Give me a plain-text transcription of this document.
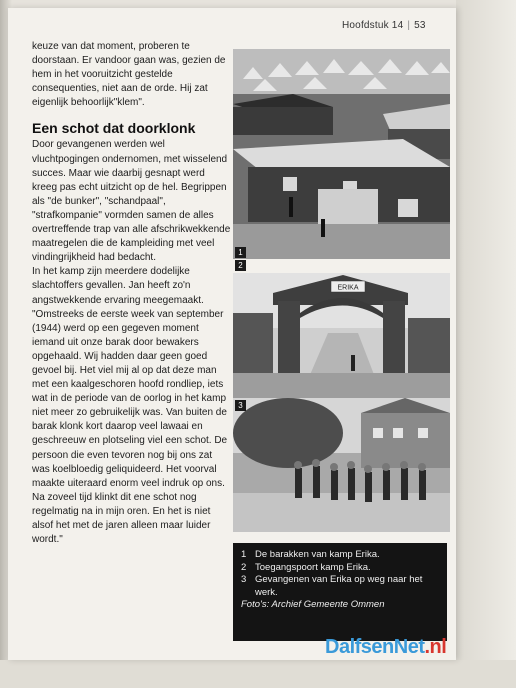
Hoofdstuk 14 | 53

keuze van dat moment, proberen te doorstaan. Er vandoor gaan was, gezien de hem in het vooruitzicht gestelde consequenties, niet aan de orde. Hij zat eigenlijk behoorlijk"klem".

Een schot dat doorklonk

Door gevangenen werden wel vluchtpogingen ondernomen, met wisselend succes. Maar wie daarbij gesnapt werd kreeg pas echt uitzicht op de hel. Begrippen als "de bunker", "schandpaal", "strafkompanie" vormden samen de alles overtreffende trap van alle afschrikwekkende maatregelen die de kampleiding met veel vindingrijkheid had bedacht.

In het kamp zijn meerdere dodelijke slachtoffers gevallen. Jan heeft zo'n angstwekkende ervaring meegemaakt. "Omstreeks de eerste week van september (1944) werd op een gegeven moment iemand uit onze barak door bewakers opgehaald. Wij hadden daar geen goed gevoel bij. Het viel mij al op dat deze man met een kaalgeschoren hoofd rondliep, iets wat in de periode van de oorlog in het kamp niet meer zo gebruikelijk was. Van buiten de barak klonk kort daarop veel lawaai en geschreeuw en plotseling viel een schot. De persoon die even tevoren nog bij ons zat was koelbloedig geliquideerd. Het voorval maakte uiteraard enorm veel indruk op ons. Na zoveel tijd klinkt dit ene schot nog regelmatig na in mijn oren. En het is niet alsof het met de jaren alleen maar luider wordt."

1
2
ERIKA
3
1 De barakken van kamp Erika.
2 Toegangspoort kamp Erika.
3 Gevangenen van Erika op weg naar het werk.
Foto's: Archief Gemeente Ommen
DalfsenNet.nl
